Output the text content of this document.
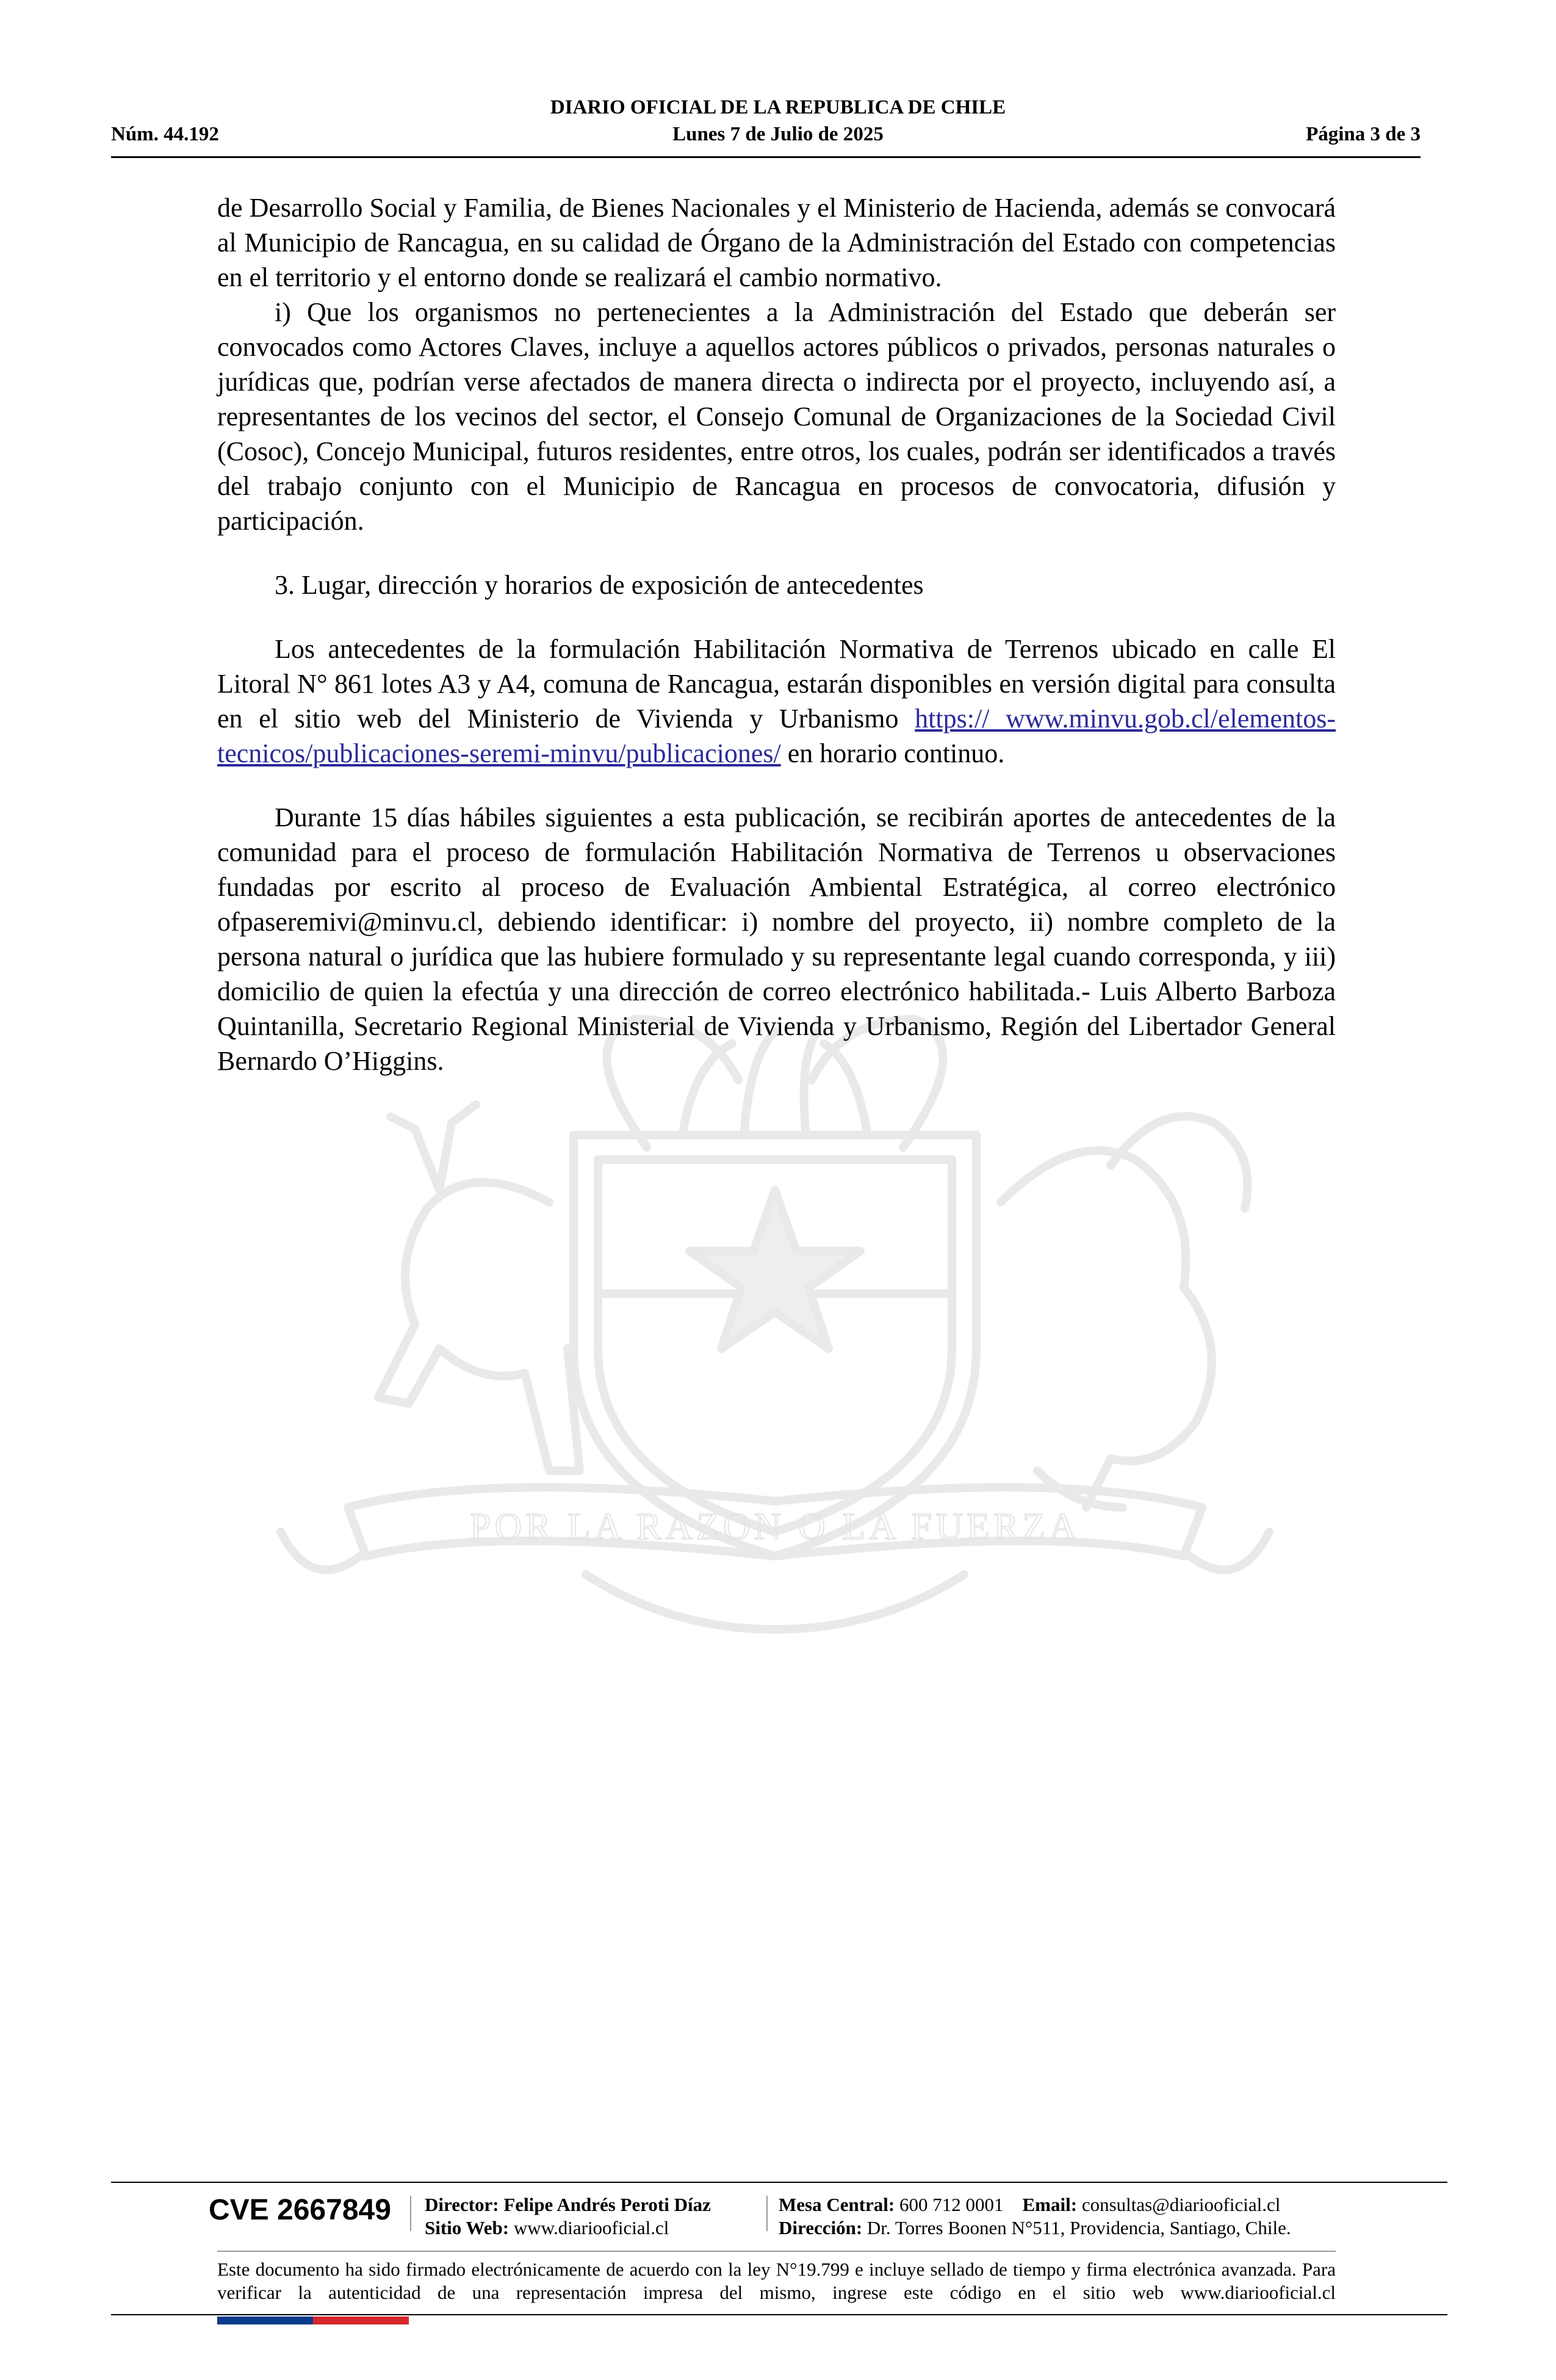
DIARIO OFICIAL DE LA REPUBLICA DE CHILE
Núm. 44.192	Lunes 7 de Julio de 2025	Página 3 de 3
POR LA RAZON O LA FUERZA

de Desarrollo Social y Familia, de Bienes Nacionales y el Ministerio de Hacienda, además se convocará al Municipio de Rancagua, en su calidad de Órgano de la Administración del Estado con competencias en el territorio y el entorno donde se realizará el cambio normativo.

i) Que los organismos no pertenecientes a la Administración del Estado que deberán ser convocados como Actores Claves, incluye a aquellos actores públicos o privados, personas naturales o jurídicas que, podrían verse afectados de manera directa o indirecta por el proyecto, incluyendo así, a representantes de los vecinos del sector, el Consejo Comunal de Organizaciones de la Sociedad Civil (Cosoc), Concejo Municipal, futuros residentes, entre otros, los cuales, podrán ser identificados a través del trabajo conjunto con el Municipio de Rancagua en procesos de convocatoria, difusión y participación.

3. Lugar, dirección y horarios de exposición de antecedentes

Los antecedentes de la formulación Habilitación Normativa de Terrenos ubicado en calle El Litoral N° 861 lotes A3 y A4, comuna de Rancagua, estarán disponibles en versión digital para consulta en el sitio web del Ministerio de Vivienda y Urbanismo https:// www.minvu.gob.cl/elementos-tecnicos/publicaciones-seremi-minvu/publicaciones/ en horario continuo.

Durante 15 días hábiles siguientes a esta publicación, se recibirán aportes de antecedentes de la comunidad para el proceso de formulación Habilitación Normativa de Terrenos u observaciones fundadas por escrito al proceso de Evaluación Ambiental Estratégica, al correo electrónico ofpaseremivi@minvu.cl, debiendo identificar: i) nombre del proyecto, ii) nombre completo de la persona natural o jurídica que las hubiere formulado y su representante legal cuando corresponda, y iii) domicilio de quien la efectúa y una dirección de correo electrónico habilitada.- Luis Alberto Barboza Quintanilla, Secretario Regional Ministerial de Vivienda y Urbanismo, Región del Libertador General Bernardo O’Higgins.

CVE 2667849 Director: Felipe Andrés Peroti Díaz
Sitio Web: www.diariooficial.cl
Mesa Central: 600 712 0001 Email: consultas@diariooficial.cl
Dirección: Dr. Torres Boonen N°511, Providencia, Santiago, Chile.
Este documento ha sido firmado electrónicamente de acuerdo con la ley N°19.799 e incluye sellado de tiempo y firma electrónica avanzada. Para verificar la autenticidad de una representación impresa del mismo, ingrese este código en el sitio web www.diariooficial.cl
